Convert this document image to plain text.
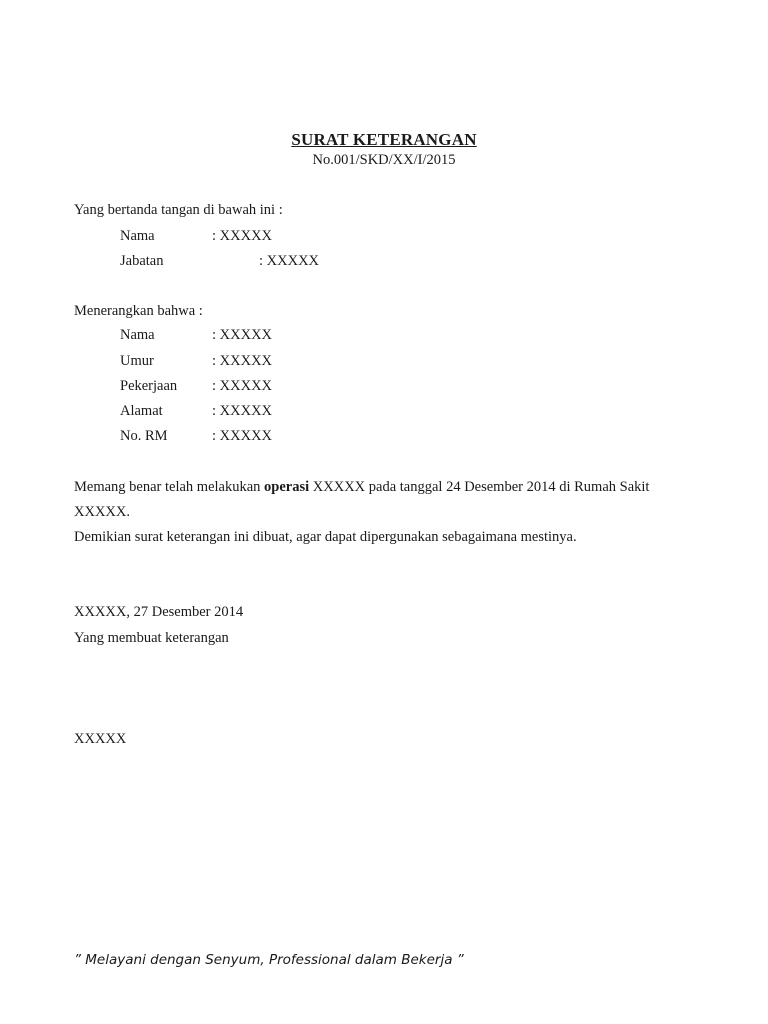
SURAT KETERANGAN
No.001/SKD/XX/I/2015
Yang bertanda tangan di bawah ini :
Nama	: XXXXX
Jabatan	: XXXXX
Menerangkan bahwa :
Nama	: XXXXX
Umur	: XXXXX
Pekerjaan : XXXXX
Alamat	: XXXXX
No. RM	: XXXXX
Memang benar telah melakukan operasi XXXXX pada tanggal 24 Desember 2014 di Rumah Sakit
XXXXX.
Demikian surat keterangan ini dibuat, agar dapat dipergunakan sebagaimana mestinya.
XXXXX, 27 Desember 2014
Yang membuat keterangan
XXXXX
” Melayani dengan Senyum, Professional dalam Bekerja ”
